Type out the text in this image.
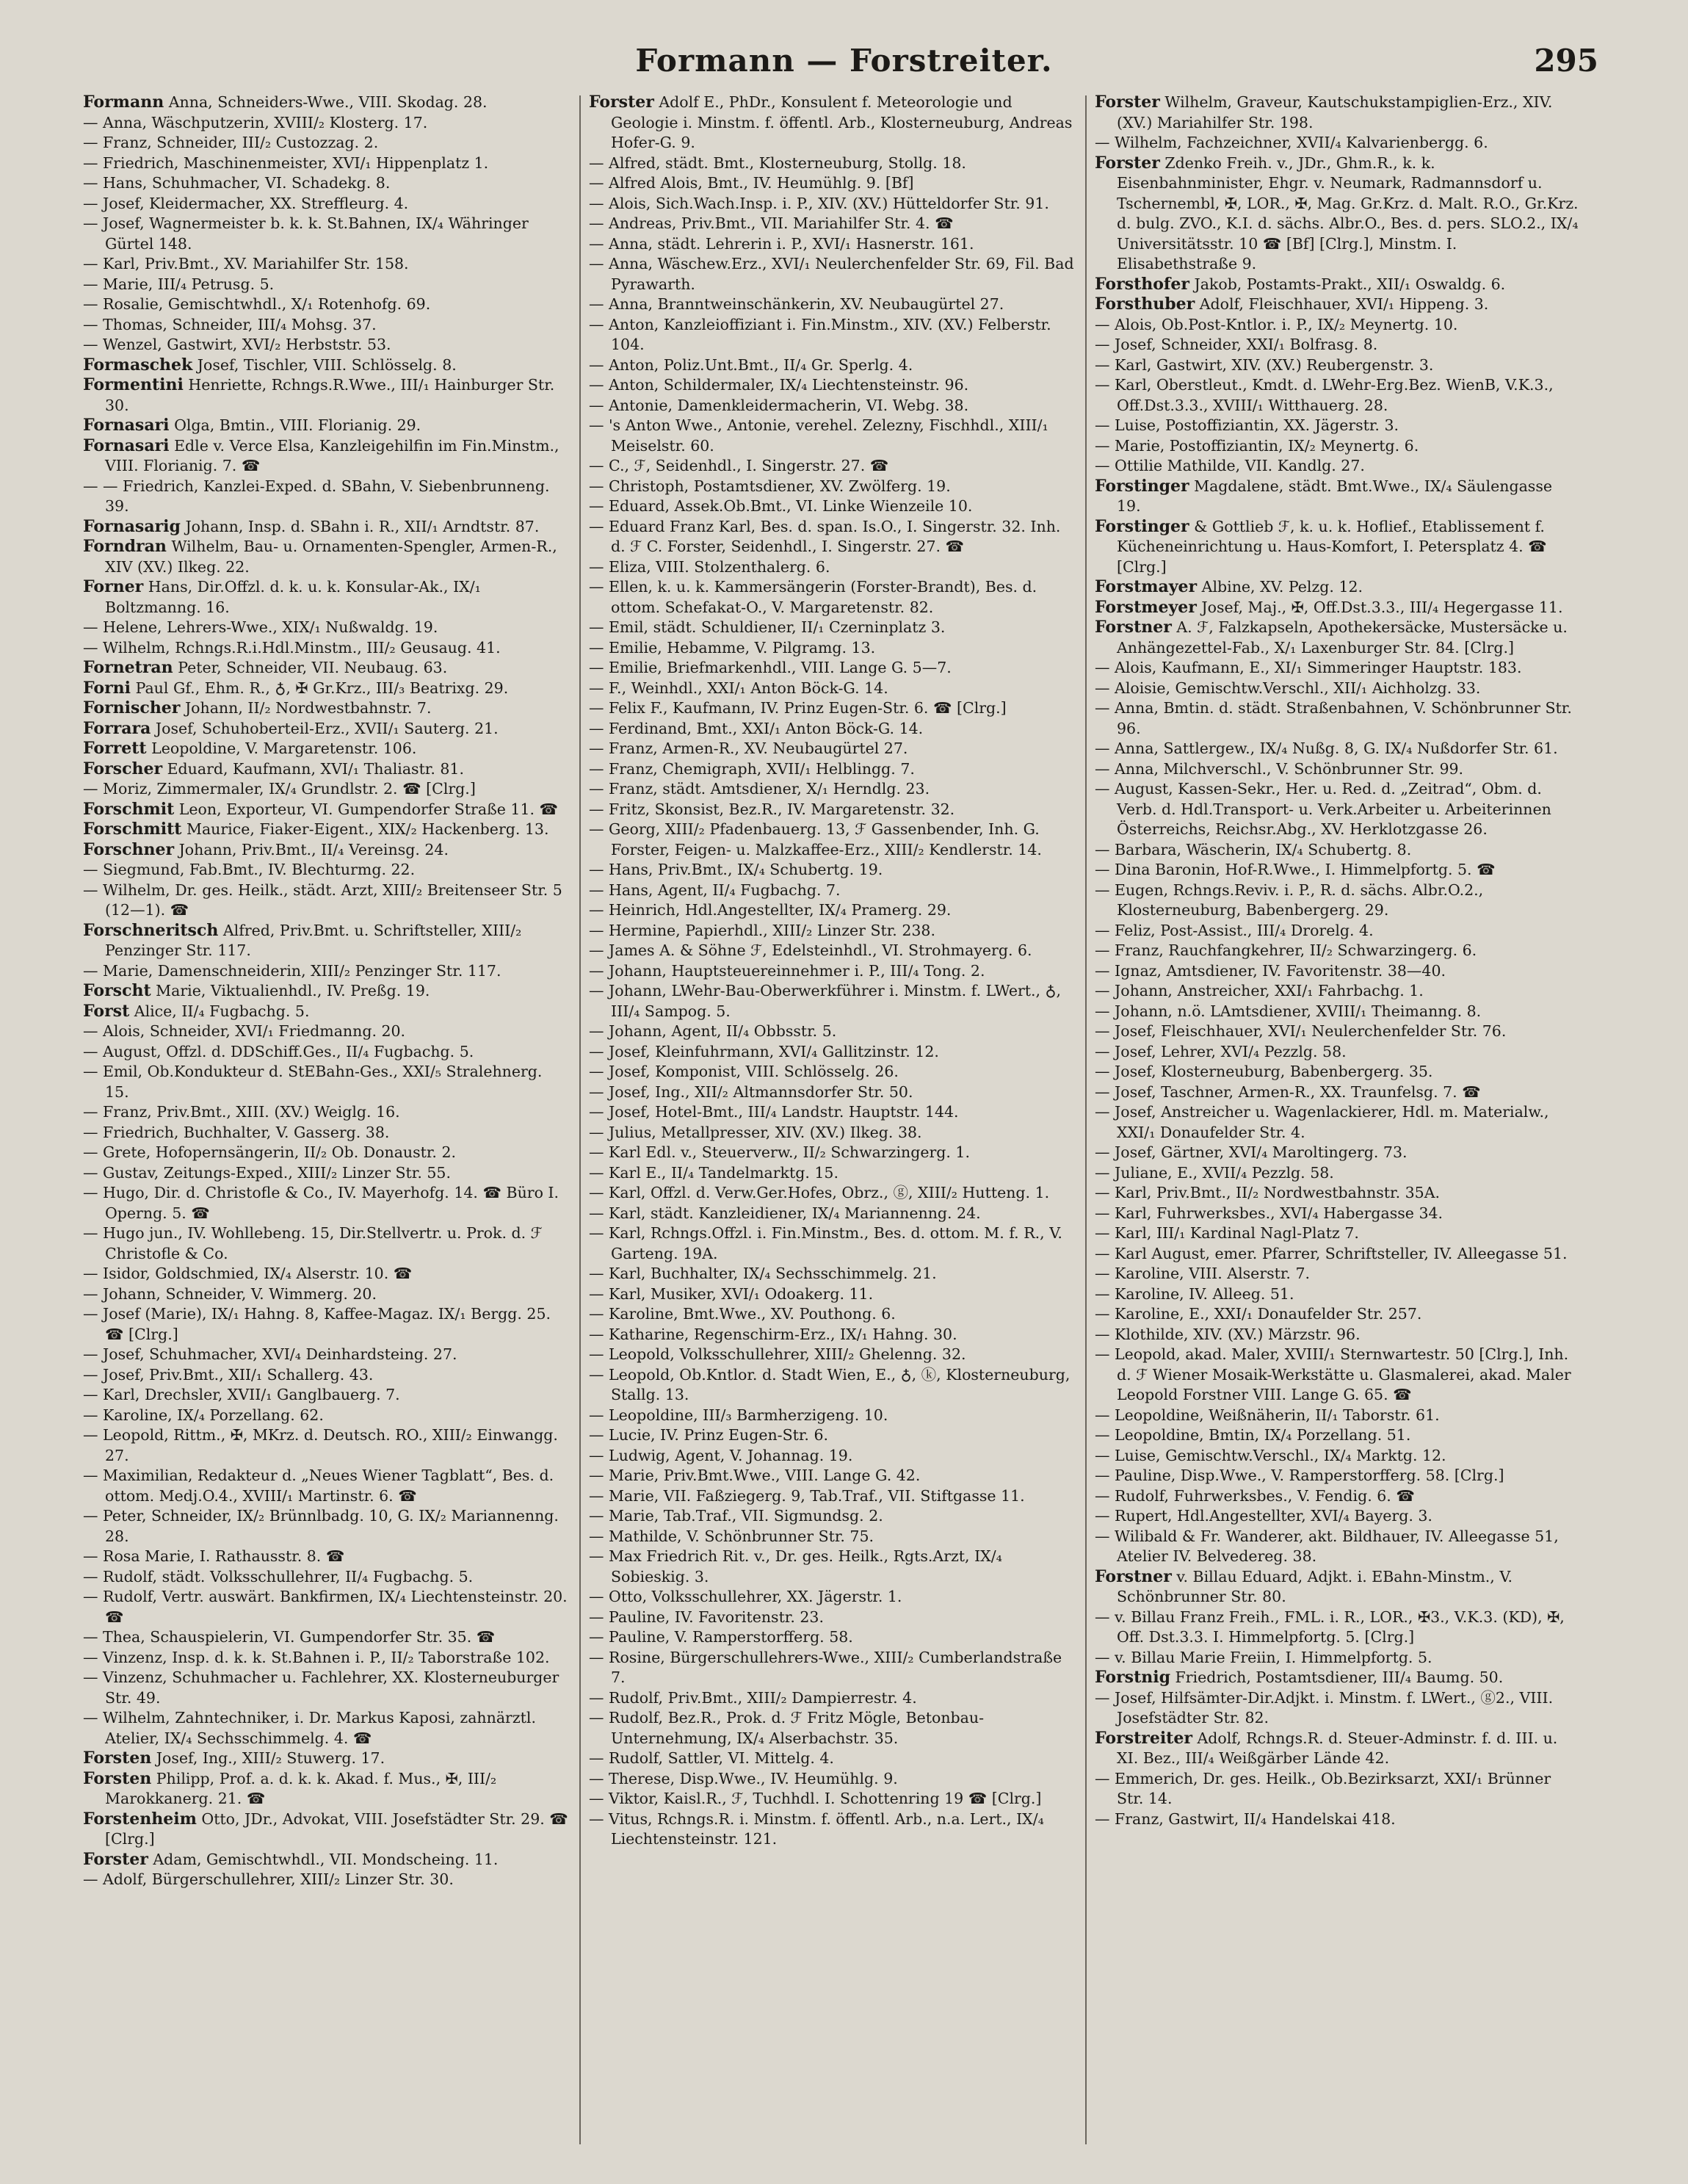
Formann — Forstreiter.	295

Formann Anna, Schneiders-Wwe., VIII. Skodag. 28.

— Anna, Wäschputzerin, XVIII/₂ Klosterg. 17.

— Franz, Schneider, III/₂ Custozzag. 2.

— Friedrich, Maschinenmeister, XVI/₁ Hippenplatz 1.

— Hans, Schuhmacher, VI. Schadekg. 8.

— Josef, Kleidermacher, XX. Streffleurg. 4.

— Josef, Wagnermeister b. k. k. St.Bahnen, IX/₄ Währinger Gürtel 148.

— Karl, Priv.Bmt., XV. Mariahilfer Str. 158.

— Marie, III/₄ Petrusg. 5.

— Rosalie, Gemischtwhdl., X/₁ Rotenhofg. 69.

— Thomas, Schneider, III/₄ Mohsg. 37.

— Wenzel, Gastwirt, XVI/₂ Herbststr. 53.

Formaschek Josef, Tischler, VIII. Schlösselg. 8.

Formentini Henriette, Rchngs.R.Wwe., III/₁ Hainburger Str. 30.

Fornasari Olga, Bmtin., VIII. Florianig. 29.

Fornasari Edle v. Verce Elsa, Kanzleigehilfin im Fin.Minstm., VIII. Florianig. 7. ☎

— — Friedrich, Kanzlei-Exped. d. SBahn, V. Siebenbrunneng. 39.

Fornasarig Johann, Insp. d. SBahn i. R., XII/₁ Arndtstr. 87.

Forndran Wilhelm, Bau- u. Ornamenten-Spengler, Armen-R., XIV (XV.) Ilkeg. 22.

Forner Hans, Dir.Offzl. d. k. u. k. Konsular-Ak., IX/₁ Boltzmanng. 16.

— Helene, Lehrers-Wwe., XIX/₁ Nußwaldg. 19.

— Wilhelm, Rchngs.R.i.Hdl.Minstm., III/₂ Geusaug. 41.

Fornetran Peter, Schneider, VII. Neubaug. 63.

Forni Paul Gf., Ehm. R., ♁, ✠ Gr.Krz., III/₃ Beatrixg. 29.

Fornischer Johann, II/₂ Nordwestbahnstr. 7.

Forrara Josef, Schuhoberteil-Erz., XVII/₁ Sauterg. 21.

Forrett Leopoldine, V. Margaretenstr. 106.

Forscher Eduard, Kaufmann, XVI/₁ Thaliastr. 81.

— Moriz, Zimmermaler, IX/₄ Grundlstr. 2. ☎ [Clrg.]

Forschmit Leon, Exporteur, VI. Gumpendorfer Straße 11. ☎

Forschmitt Maurice, Fiaker-Eigent., XIX/₂ Hackenberg. 13.

Forschner Johann, Priv.Bmt., II/₄ Vereinsg. 24.

— Siegmund, Fab.Bmt., IV. Blechturmg. 22.

— Wilhelm, Dr. ges. Heilk., städt. Arzt, XIII/₂ Breitenseer Str. 5 (12—1). ☎

Forschneritsch Alfred, Priv.Bmt. u. Schriftsteller, XIII/₂ Penzinger Str. 117.

— Marie, Damenschneiderin, XIII/₂ Penzinger Str. 117.

Forscht Marie, Viktualienhdl., IV. Preßg. 19.

Forst Alice, II/₄ Fugbachg. 5.

— Alois, Schneider, XVI/₁ Friedmanng. 20.

— August, Offzl. d. DDSchiff.Ges., II/₄ Fugbachg. 5.

— Emil, Ob.Kondukteur d. StEBahn-Ges., XXI/₅ Stralehnerg. 15.

— Franz, Priv.Bmt., XIII. (XV.) Weiglg. 16.

— Friedrich, Buchhalter, V. Gasserg. 38.

— Grete, Hofopernsängerin, II/₂ Ob. Donaustr. 2.

— Gustav, Zeitungs-Exped., XIII/₂ Linzer Str. 55.

— Hugo, Dir. d. Christofle & Co., IV. Mayerhofg. 14. ☎ Büro I. Operng. 5. ☎

— Hugo jun., IV. Wohllebeng. 15, Dir.Stellvertr. u. Prok. d. ℱ Christofle & Co.

— Isidor, Goldschmied, IX/₄ Alserstr. 10. ☎

— Johann, Schneider, V. Wimmerg. 20.

— Josef (Marie), IX/₁ Hahng. 8, Kaffee-Magaz. IX/₁ Bergg. 25. ☎ [Clrg.]

— Josef, Schuhmacher, XVI/₄ Deinhardsteing. 27.

— Josef, Priv.Bmt., XII/₁ Schallerg. 43.

— Karl, Drechsler, XVII/₁ Ganglbauerg. 7.

— Karoline, IX/₄ Porzellang. 62.

— Leopold, Rittm., ✠, MKrz. d. Deutsch. RO., XIII/₂ Einwangg. 27.

— Maximilian, Redakteur d. „Neues Wiener Tagblatt“, Bes. d. ottom. Medj.O.4., XVIII/₁ Martinstr. 6. ☎

— Peter, Schneider, IX/₂ Brünnlbadg. 10, G. IX/₂ Mariannenng. 28.

— Rosa Marie, I. Rathausstr. 8. ☎

— Rudolf, städt. Volksschullehrer, II/₄ Fugbachg. 5.

— Rudolf, Vertr. auswärt. Bankfirmen, IX/₄ Liechtensteinstr. 20. ☎

— Thea, Schauspielerin, VI. Gumpendorfer Str. 35. ☎

— Vinzenz, Insp. d. k. k. St.Bahnen i. P., II/₂ Taborstraße 102.

— Vinzenz, Schuhmacher u. Fachlehrer, XX. Klosterneuburger Str. 49.

— Wilhelm, Zahntechniker, i. Dr. Markus Kaposi, zahnärztl. Atelier, IX/₄ Sechsschimmelg. 4. ☎

Forsten Josef, Ing., XIII/₂ Stuwerg. 17.

Forsten Philipp, Prof. a. d. k. k. Akad. f. Mus., ✠, III/₂ Marokkanerg. 21. ☎

Forstenheim Otto, JDr., Advokat, VIII. Josefstädter Str. 29. ☎ [Clrg.]

Forster Adam, Gemischtwhdl., VII. Mondscheing. 11.

— Adolf, Bürgerschullehrer, XIII/₂ Linzer Str. 30.

Forster Adolf E., PhDr., Konsulent f. Meteorologie und Geologie i. Minstm. f. öffentl. Arb., Klosterneuburg, Andreas Hofer-G. 9.

— Alfred, städt. Bmt., Klosterneuburg, Stollg. 18.

— Alfred Alois, Bmt., IV. Heumühlg. 9. [Bf]

— Alois, Sich.Wach.Insp. i. P., XIV. (XV.) Hütteldorfer Str. 91.

— Andreas, Priv.Bmt., VII. Mariahilfer Str. 4. ☎

— Anna, städt. Lehrerin i. P., XVI/₁ Hasnerstr. 161.

— Anna, Wäschew.Erz., XVI/₁ Neulerchenfelder Str. 69, Fil. Bad Pyrawarth.

— Anna, Branntweinschänkerin, XV. Neubaugürtel 27.

— Anton, Kanzleioffiziant i. Fin.Minstm., XIV. (XV.) Felberstr. 104.

— Anton, Poliz.Unt.Bmt., II/₄ Gr. Sperlg. 4.

— Anton, Schildermaler, IX/₄ Liechtensteinstr. 96.

— Antonie, Damenkleidermacherin, VI. Webg. 38.

— 's Anton Wwe., Antonie, verehel. Zelezny, Fischhdl., XIII/₁ Meiselstr. 60.

— C., ℱ, Seidenhdl., I. Singerstr. 27. ☎

— Christoph, Postamtsdiener, XV. Zwölferg. 19.

— Eduard, Assek.Ob.Bmt., VI. Linke Wienzeile 10.

— Eduard Franz Karl, Bes. d. span. Is.O., I. Singerstr. 32. Inh. d. ℱ C. Forster, Seidenhdl., I. Singerstr. 27. ☎

— Eliza, VIII. Stolzenthalerg. 6.

— Ellen, k. u. k. Kammersängerin (Forster-Brandt), Bes. d. ottom. Schefakat-O., V. Margaretenstr. 82.

— Emil, städt. Schuldiener, II/₁ Czerninplatz 3.

— Emilie, Hebamme, V. Pilgramg. 13.

— Emilie, Briefmarkenhdl., VIII. Lange G. 5—7.

— F., Weinhdl., XXI/₁ Anton Böck-G. 14.

— Felix F., Kaufmann, IV. Prinz Eugen-Str. 6. ☎ [Clrg.]

— Ferdinand, Bmt., XXI/₁ Anton Böck-G. 14.

— Franz, Armen-R., XV. Neubaugürtel 27.

— Franz, Chemigraph, XVII/₁ Helblingg. 7.

— Franz, städt. Amtsdiener, X/₁ Herndlg. 23.

— Fritz, Skonsist, Bez.R., IV. Margaretenstr. 32.

— Georg, XIII/₂ Pfadenbauerg. 13, ℱ Gassenbender, Inh. G. Forster, Feigen- u. Malzkaffee-Erz., XIII/₂ Kendlerstr. 14.

— Hans, Priv.Bmt., IX/₄ Schubertg. 19.

— Hans, Agent, II/₄ Fugbachg. 7.

— Heinrich, Hdl.Angestellter, IX/₄ Pramerg. 29.

— Hermine, Papierhdl., XIII/₂ Linzer Str. 238.

— James A. & Söhne ℱ, Edelsteinhdl., VI. Strohmayerg. 6.

— Johann, Hauptsteuereinnehmer i. P., III/₄ Tong. 2.

— Johann, LWehr-Bau-Oberwerkführer i. Minstm. f. LWert., ♁, III/₄ Sampog. 5.

— Johann, Agent, II/₄ Obbsstr. 5.

— Josef, Kleinfuhrmann, XVI/₄ Gallitzinstr. 12.

— Josef, Komponist, VIII. Schlösselg. 26.

— Josef, Ing., XII/₂ Altmannsdorfer Str. 50.

— Josef, Hotel-Bmt., III/₄ Landstr. Hauptstr. 144.

— Julius, Metallpresser, XIV. (XV.) Ilkeg. 38.

— Karl Edl. v., Steuerverw., II/₂ Schwarzingerg. 1.

— Karl E., II/₄ Tandelmarktg. 15.

— Karl, Offzl. d. Verw.Ger.Hofes, Obrz., ⓖ, XIII/₂ Hutteng. 1.

— Karl, städt. Kanzleidiener, IX/₄ Mariannenng. 24.

— Karl, Rchngs.Offzl. i. Fin.Minstm., Bes. d. ottom. M. f. R., V. Garteng. 19A.

— Karl, Buchhalter, IX/₄ Sechsschimmelg. 21.

— Karl, Musiker, XVI/₁ Odoakerg. 11.

— Karoline, Bmt.Wwe., XV. Pouthong. 6.

— Katharine, Regenschirm-Erz., IX/₁ Hahng. 30.

— Leopold, Volksschullehrer, XIII/₂ Ghelenng. 32.

— Leopold, Ob.Kntlor. d. Stadt Wien, E., ♁, ⓚ, Klosterneuburg, Stallg. 13.

— Leopoldine, III/₃ Barmherzigeng. 10.

— Lucie, IV. Prinz Eugen-Str. 6.

— Ludwig, Agent, V. Johannag. 19.

— Marie, Priv.Bmt.Wwe., VIII. Lange G. 42.

— Marie, VII. Faßziegerg. 9, Tab.Traf., VII. Stiftgasse 11.

— Marie, Tab.Traf., VII. Sigmundsg. 2.

— Mathilde, V. Schönbrunner Str. 75.

— Max Friedrich Rit. v., Dr. ges. Heilk., Rgts.Arzt, IX/₄ Sobieskig. 3.

— Otto, Volksschullehrer, XX. Jägerstr. 1.

— Pauline, IV. Favoritenstr. 23.

— Pauline, V. Ramperstorfferg. 58.

— Rosine, Bürgerschullehrers-Wwe., XIII/₂ Cumberlandstraße 7.

— Rudolf, Priv.Bmt., XIII/₂ Dampierrestr. 4.

— Rudolf, Bez.R., Prok. d. ℱ Fritz Mögle, Betonbau-Unternehmung, IX/₄ Alserbachstr. 35.

— Rudolf, Sattler, VI. Mittelg. 4.

— Therese, Disp.Wwe., IV. Heumühlg. 9.

— Viktor, Kaisl.R., ℱ, Tuchhdl. I. Schottenring 19 ☎ [Clrg.]

— Vitus, Rchngs.R. i. Minstm. f. öffentl. Arb., n.a. Lert., IX/₄ Liechtensteinstr. 121.

Forster Wilhelm, Graveur, Kautschukstampiglien-Erz., XIV. (XV.) Mariahilfer Str. 198.

— Wilhelm, Fachzeichner, XVII/₄ Kalvarienbergg. 6.

Forster Zdenko Freih. v., JDr., Ghm.R., k. k. Eisenbahnminister, Ehgr. v. Neumark, Radmannsdorf u. Tschernembl, ✠, LOR., ✠, Mag. Gr.Krz. d. Malt. R.O., Gr.Krz. d. bulg. ZVO., K.I. d. sächs. Albr.O., Bes. d. pers. SLO.2., IX/₄ Universitätsstr. 10 ☎ [Bf] [Clrg.], Minstm. I. Elisabethstraße 9.

Forsthofer Jakob, Postamts-Prakt., XII/₁ Oswaldg. 6.

Forsthuber Adolf, Fleischhauer, XVI/₁ Hippeng. 3.

— Alois, Ob.Post-Kntlor. i. P., IX/₂ Meynertg. 10.

— Josef, Schneider, XXI/₁ Bolfrasg. 8.

— Karl, Gastwirt, XIV. (XV.) Reubergenstr. 3.

— Karl, Oberstleut., Kmdt. d. LWehr-Erg.Bez. WienB, V.K.3., Off.Dst.3.3., XVIII/₁ Witthauerg. 28.

— Luise, Postoffiziantin, XX. Jägerstr. 3.

— Marie, Postoffiziantin, IX/₂ Meynertg. 6.

— Ottilie Mathilde, VII. Kandlg. 27.

Forstinger Magdalene, städt. Bmt.Wwe., IX/₄ Säulengasse 19.

Forstinger & Gottlieb ℱ, k. u. k. Hoflief., Etablissement f. Kücheneinrichtung u. Haus-Komfort, I. Petersplatz 4. ☎ [Clrg.]

Forstmayer Albine, XV. Pelzg. 12.

Forstmeyer Josef, Maj., ✠, Off.Dst.3.3., III/₄ Hegergasse 11.

Forstner A. ℱ, Falzkapseln, Apothekersäcke, Mustersäcke u. Anhängezettel-Fab., X/₁ Laxenburger Str. 84. [Clrg.]

— Alois, Kaufmann, E., XI/₁ Simmeringer Hauptstr. 183.

— Aloisie, Gemischtw.Verschl., XII/₁ Aichholzg. 33.

— Anna, Bmtin. d. städt. Straßenbahnen, V. Schönbrunner Str. 96.

— Anna, Sattlergew., IX/₄ Nußg. 8, G. IX/₄ Nußdorfer Str. 61.

— Anna, Milchverschl., V. Schönbrunner Str. 99.

— August, Kassen-Sekr., Her. u. Red. d. „Zeitrad“, Obm. d. Verb. d. Hdl.Transport- u. Verk.Arbeiter u. Arbeiterinnen Österreichs, Reichsr.Abg., XV. Herklotzgasse 26.

— Barbara, Wäscherin, IX/₄ Schubertg. 8.

— Dina Baronin, Hof-R.Wwe., I. Himmelpfortg. 5. ☎

— Eugen, Rchngs.Reviv. i. P., R. d. sächs. Albr.O.2., Klosterneuburg, Babenbergerg. 29.

— Feliz, Post-Assist., III/₄ Drorelg. 4.

— Franz, Rauchfangkehrer, II/₂ Schwarzingerg. 6.

— Ignaz, Amtsdiener, IV. Favoritenstr. 38—40.

— Johann, Anstreicher, XXI/₁ Fahrbachg. 1.

— Johann, n.ö. LAmtsdiener, XVIII/₁ Theimanng. 8.

— Josef, Fleischhauer, XVI/₁ Neulerchenfelder Str. 76.

— Josef, Lehrer, XVI/₄ Pezzlg. 58.

— Josef, Klosterneuburg, Babenbergerg. 35.

— Josef, Taschner, Armen-R., XX. Traunfelsg. 7. ☎

— Josef, Anstreicher u. Wagenlackierer, Hdl. m. Materialw., XXI/₁ Donaufelder Str. 4.

— Josef, Gärtner, XVI/₄ Maroltingerg. 73.

— Juliane, E., XVII/₄ Pezzlg. 58.

— Karl, Priv.Bmt., II/₂ Nordwestbahnstr. 35A.

— Karl, Fuhrwerksbes., XVI/₄ Habergasse 34.

— Karl, III/₁ Kardinal Nagl-Platz 7.

— Karl August, emer. Pfarrer, Schriftsteller, IV. Alleegasse 51.

— Karoline, VIII. Alserstr. 7.

— Karoline, IV. Alleeg. 51.

— Karoline, E., XXI/₁ Donaufelder Str. 257.

— Klothilde, XIV. (XV.) Märzstr. 96.

— Leopold, akad. Maler, XVIII/₁ Sternwartestr. 50 [Clrg.], Inh. d. ℱ Wiener Mosaik-Werkstätte u. Glasmalerei, akad. Maler Leopold Forstner VIII. Lange G. 65. ☎

— Leopoldine, Weißnäherin, II/₁ Taborstr. 61.

— Leopoldine, Bmtin, IX/₄ Porzellang. 51.

— Luise, Gemischtw.Verschl., IX/₄ Marktg. 12.

— Pauline, Disp.Wwe., V. Ramperstorfferg. 58. [Clrg.]

— Rudolf, Fuhrwerksbes., V. Fendig. 6. ☎

— Rupert, Hdl.Angestellter, XVI/₄ Bayerg. 3.

— Wilibald & Fr. Wanderer, akt. Bildhauer, IV. Alleegasse 51, Atelier IV. Belvedereg. 38.

Forstner v. Billau Eduard, Adjkt. i. EBahn-Minstm., V. Schönbrunner Str. 80.

— v. Billau Franz Freih., FML. i. R., LOR., ✠3., V.K.3. (KD), ✠, Off. Dst.3.3. I. Himmelpfortg. 5. [Clrg.]

— v. Billau Marie Freiin, I. Himmelpfortg. 5.

Forstnig Friedrich, Postamtsdiener, III/₄ Baumg. 50.

— Josef, Hilfsämter-Dir.Adjkt. i. Minstm. f. LWert., ⓖ2., VIII. Josefstädter Str. 82.

Forstreiter Adolf, Rchngs.R. d. Steuer-Adminstr. f. d. III. u. XI. Bez., III/₄ Weißgärber Lände 42.

— Emmerich, Dr. ges. Heilk., Ob.Bezirksarzt, XXI/₁ Brünner Str. 14.

— Franz, Gastwirt, II/₄ Handelskai 418.
